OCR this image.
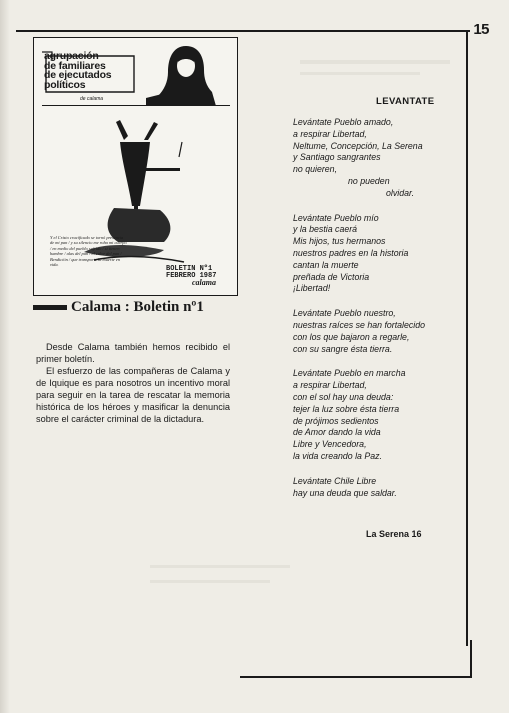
15
agrupación
de familiares
de ejecutados
políticos
de calama
Y el Cristo crucificado se tornó presencia de mi pan / y su silencio me roba mi cuerpo / en medio del pueblo sufrido / si tienen hambre / alas del pan / el calor del pan / Bendición / que transporte la muerte en vida.
BOLETIN Nº1
FEBRERO 1987
calama
Calama : Boletin nº1

Desde Calama también hemos recibido el primer boletín.

El esfuerzo de las compañeras de Calama y de Iquique es para nosotros un incentivo moral para seguir en la tarea de rescatar la memoria histórica de los héroes y masificar la denuncia sobre el carácter criminal de la dictadura.

LEVANTATE
Levántate Pueblo amado,
a respirar Libertad,
Neltume, Concepción, La Serena
y Santiago sangrantes
no quieren,
no pueden
olvidar.
Levántate Pueblo mío
y la bestia caerá
Mis hijos, tus hermanos
nuestros padres en la historia
cantan la muerte
preñada de Victoria
¡Libertad!
Levántate Pueblo nuestro,
nuestras raíces se han fortalecido
con los que bajaron a regarle,
con su sangre ésta tierra.
Levántate Pueblo en marcha
a respirar Libertad,
con el sol hay una deuda:
tejer la luz sobre ésta tierra
de prójimos sedientos
de Amor dando la vida
Libre y Vencedora,
la vida creando la Paz.
Levántate Chile Libre
hay una deuda que saldar.
La Serena 16
